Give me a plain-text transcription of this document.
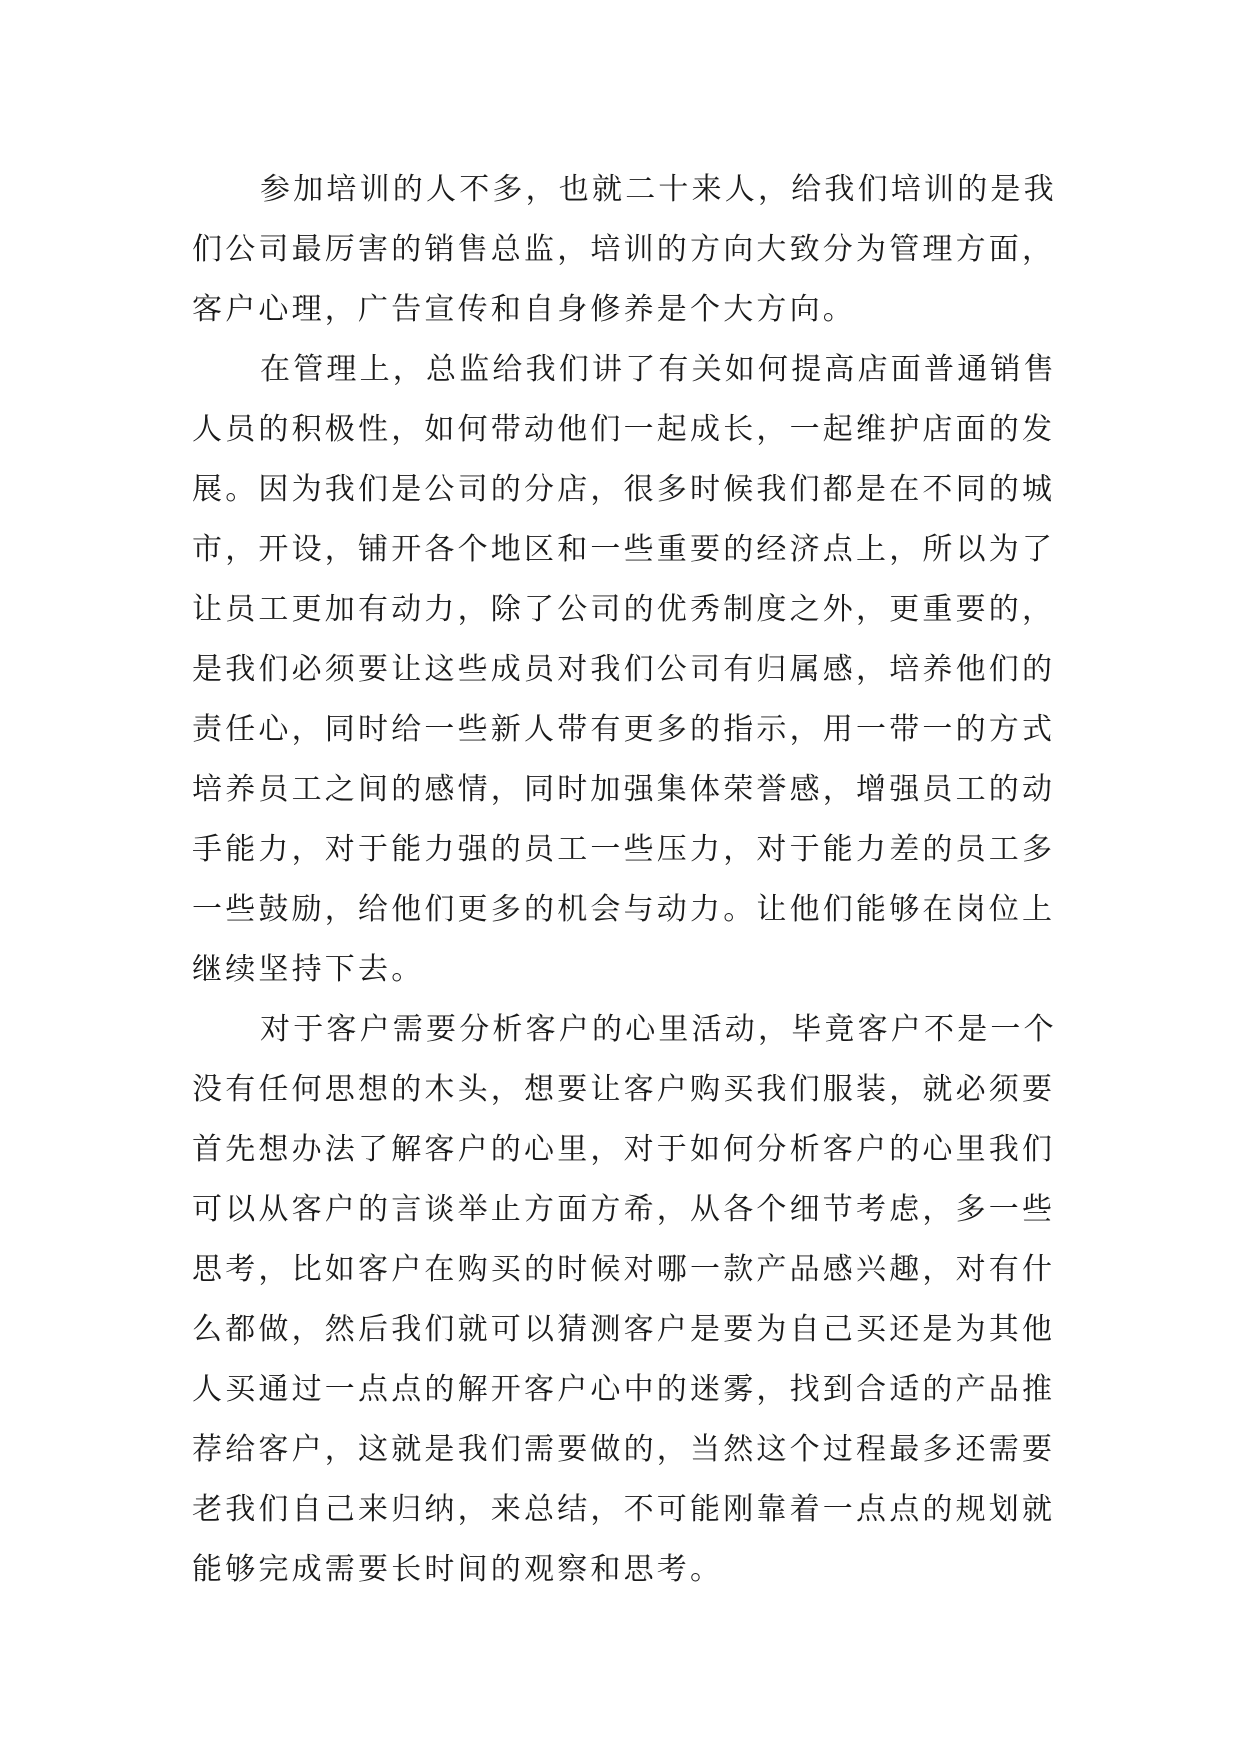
参加培训的人不多，也就二十来人，给我们培训的是我
们公司最厉害的销售总监，培训的方向大致分为管理方面，
客户心理，广告宣传和自身修养是个大方向。
在管理上，总监给我们讲了有关如何提高店面普通销售
人员的积极性，如何带动他们一起成长，一起维护店面的发
展。因为我们是公司的分店，很多时候我们都是在不同的城
市，开设，铺开各个地区和一些重要的经济点上，所以为了
让员工更加有动力，除了公司的优秀制度之外，更重要的，
是我们必须要让这些成员对我们公司有归属感，培养他们的
责任心，同时给一些新人带有更多的指示，用一带一的方式
培养员工之间的感情，同时加强集体荣誉感，增强员工的动
手能力，对于能力强的员工一些压力，对于能力差的员工多
一些鼓励，给他们更多的机会与动力。让他们能够在岗位上
继续坚持下去。
对于客户需要分析客户的心里活动，毕竟客户不是一个
没有任何思想的木头，想要让客户购买我们服装，就必须要
首先想办法了解客户的心里，对于如何分析客户的心里我们
可以从客户的言谈举止方面方希，从各个细节考虑，多一些
思考，比如客户在购买的时候对哪一款产品感兴趣，对有什
么都做，然后我们就可以猜测客户是要为自己买还是为其他
人买通过一点点的解开客户心中的迷雾，找到合适的产品推
荐给客户，这就是我们需要做的，当然这个过程最多还需要
老我们自己来归纳，来总结，不可能刚靠着一点点的规划就
能够完成需要长时间的观察和思考。
